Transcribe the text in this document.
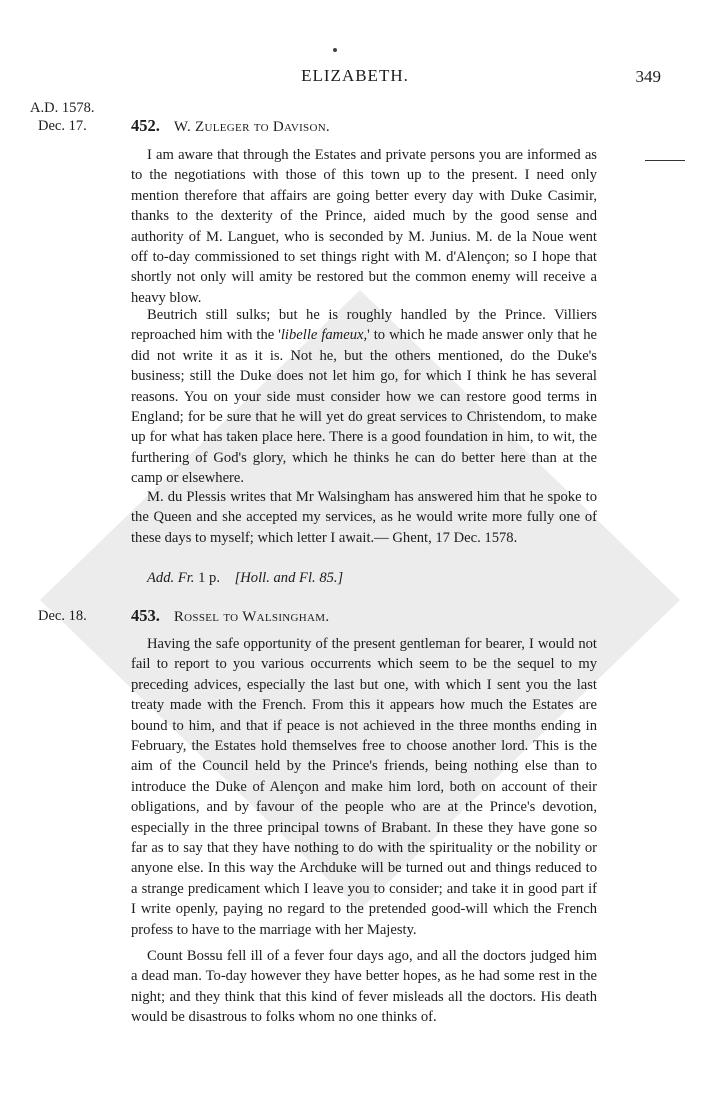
ELIZABETH.	349
A.D. 1578.
Dec. 17.	452. W. Zuleger to Davison.

I am aware that through the Estates and private persons you are informed as to the negotiations with those of this town up to the present. I need only mention therefore that affairs are going better every day with Duke Casimir, thanks to the dexterity of the Prince, aided much by the good sense and authority of M. Languet, who is seconded by M. Junius. M. de la Noue went off to-day commissioned to set things right with M. d'Alençon; so I hope that shortly not only will amity be restored but the common enemy will receive a heavy blow.

Beutrich still sulks; but he is roughly handled by the Prince. Villiers reproached him with the 'libelle fameux,' to which he made answer only that he did not write it as it is. Not he, but the others mentioned, do the Duke's business; still the Duke does not let him go, for which I think he has several reasons. You on your side must consider how we can restore good terms in England; for be sure that he will yet do great services to Christendom, to make up for what has taken place here. There is a good foundation in him, to wit, the furthering of God's glory, which he thinks he can do better here than at the camp or elsewhere.

M. du Plessis writes that Mr Walsingham has answered him that he spoke to the Queen and she accepted my services, as he would write more fully one of these days to myself; which letter I await.— Ghent, 17 Dec. 1578.

Add. Fr. 1 p. [Holl. and Fl. 85.]
Dec. 18.	453. Rossel to Walsingham.

Having the safe opportunity of the present gentleman for bearer, I would not fail to report to you various occurrents which seem to be the sequel to my preceding advices, especially the last but one, with which I sent you the last treaty made with the French. From this it appears how much the Estates are bound to him, and that if peace is not achieved in the three months ending in February, the Estates hold themselves free to choose another lord. This is the aim of the Council held by the Prince's friends, being nothing else than to introduce the Duke of Alençon and make him lord, both on account of their obligations, and by favour of the people who are at the Prince's devotion, especially in the three principal towns of Brabant. In these they have gone so far as to say that they have nothing to do with the spirituality or the nobility or anyone else. In this way the Archduke will be turned out and things reduced to a strange predicament which I leave you to consider; and take it in good part if I write openly, paying no regard to the pretended good-will which the French profess to have to the marriage with her Majesty.

Count Bossu fell ill of a fever four days ago, and all the doctors judged him a dead man. To-day however they have better hopes, as he had some rest in the night; and they think that this kind of fever misleads all the doctors. His death would be disastrous to folks whom no one thinks of.
